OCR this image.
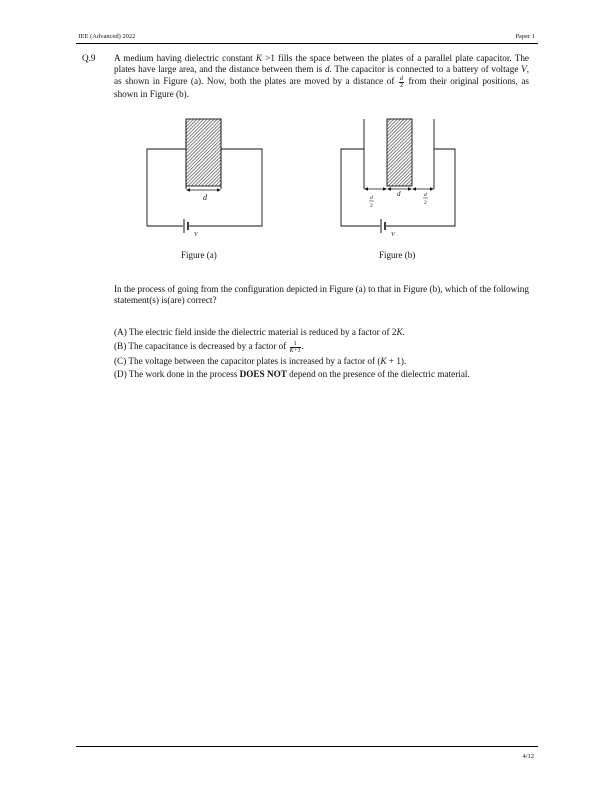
JEE (Advanced) 2022	Paper 1
Q.9 A medium having dielectric constant K >1 fills the space between the plates of a parallel plate capacitor. The plates have large area, and the distance between them is d. The capacitor is connected to a battery of voltage V, as shown in Figure (a). Now, both the plates are moved by a distance of $\frac{d}{2}$ from their original positions, as shown in Figure (b).
d
V
d
d
2
d
2
V
Figure (a)	Figure (b)
In the process of going from the configuration depicted in Figure (a) to that in Figure (b), which of the following statement(s) is(are) correct?
(A) The electric field inside the dielectric material is reduced by a factor of 2K.
(B) The capacitance is decreased by a factor of $\frac{1}{K+1}$ .
(C) The voltage between the capacitor plates is increased by a factor of (K + 1).
(D) The work done in the process DOES NOT depend on the presence of the dielectric material.
4/12
